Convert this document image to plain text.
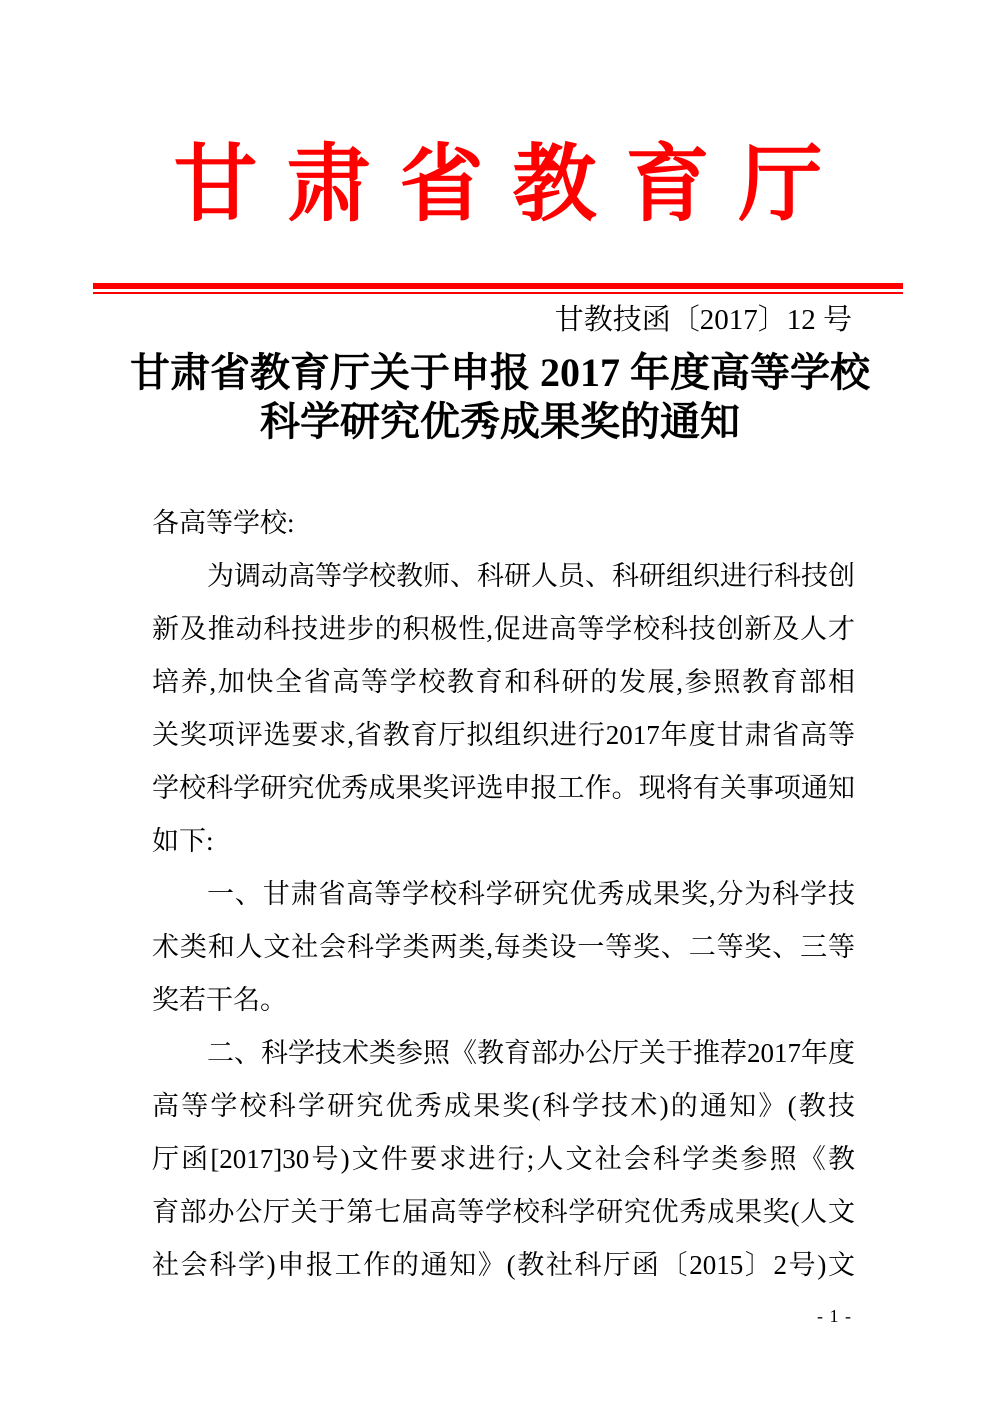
甘 肃 省 教 育 厅
甘教技函〔2017〕12 号
甘肃省教育厅关于申报 2017 年度高等学校
科学研究优秀成果奖的通知
各高等学校:
为调动高等学校教师、科研人员、科研组织进行科技创
新及推动科技进步的积极性,促进高等学校科技创新及人才
培养,加快全省高等学校教育和科研的发展,参照教育部相
关奖项评选要求,省教育厅拟组织进行2017年度甘肃省高等
学校科学研究优秀成果奖评选申报工作。现将有关事项通知
如下:
一、甘肃省高等学校科学研究优秀成果奖,分为科学技
术类和人文社会科学类两类,每类设一等奖、二等奖、三等
奖若干名。
二、科学技术类参照《教育部办公厅关于推荐2017年度
高等学校科学研究优秀成果奖(科学技术)的通知》(教技
厅函[2017]30号)文件要求进行;人文社会科学类参照《教
育部办公厅关于第七届高等学校科学研究优秀成果奖(人文
社会科学)申报工作的通知》(教社科厅函〔2015〕2号)文
- 1 -
